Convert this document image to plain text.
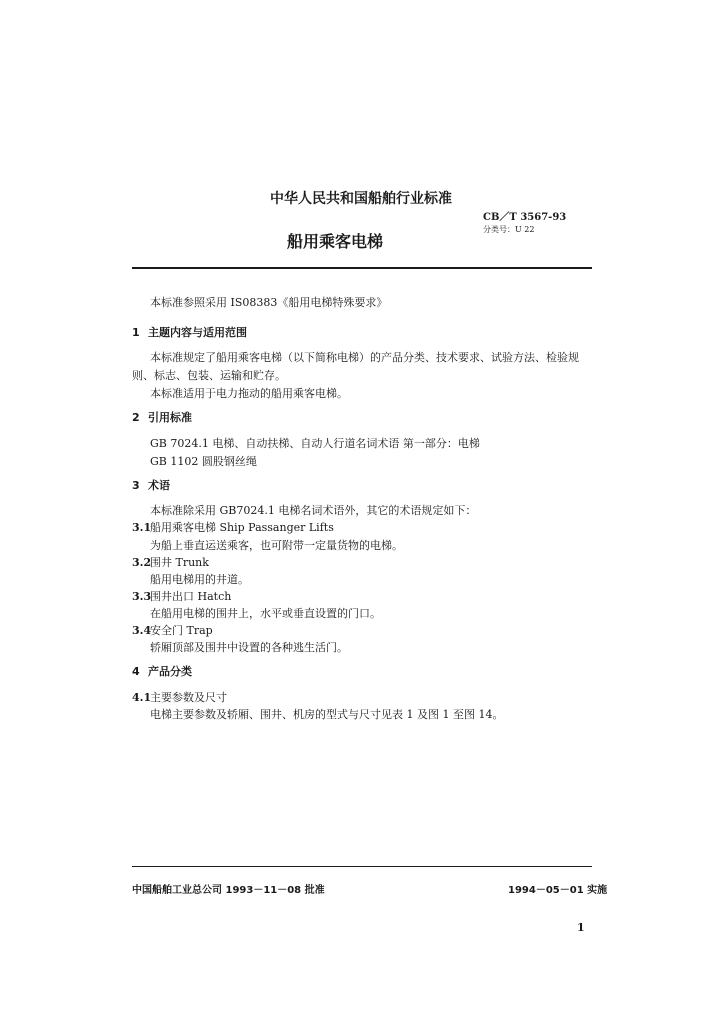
中华人民共和国船舶行业标准
CB／T 3567-93
分类号：U 22
船用乘客电梯
本标准参照采用 IS08383《船用电梯特殊要求》
1 主题内容与适用范围
本标准规定了船用乘客电梯（以下简称电梯）的产品分类、技术要求、试验方法、检验规
则、标志、包装、运输和贮存。
本标准适用于电力拖动的船用乘客电梯。
2 引用标准
GB 7024.1 电梯、自动扶梯、自动人行道名词术语 第一部分：电梯
GB 1102 圆股钢丝绳
3 术语
本标准除采用 GB7024.1 电梯名词术语外，其它的术语规定如下：
3.1
船用乘客电梯 Ship Passanger Lifts
为船上垂直运送乘客，也可附带一定量货物的电梯。
3.2
围井 Trunk
船用电梯用的井道。
3.3
围井出口 Hatch
在船用电梯的围井上，水平或垂直设置的门口。
3.4
安全门 Trap
轿厢顶部及围井中设置的各种逃生活门。
4 产品分类
4.1
主要参数及尺寸
电梯主要参数及轿厢、围井、机房的型式与尺寸见表 1 及图 1 至图 14。
中国船舶工业总公司 1993－11－08 批准	1994－05－01 实施
1
